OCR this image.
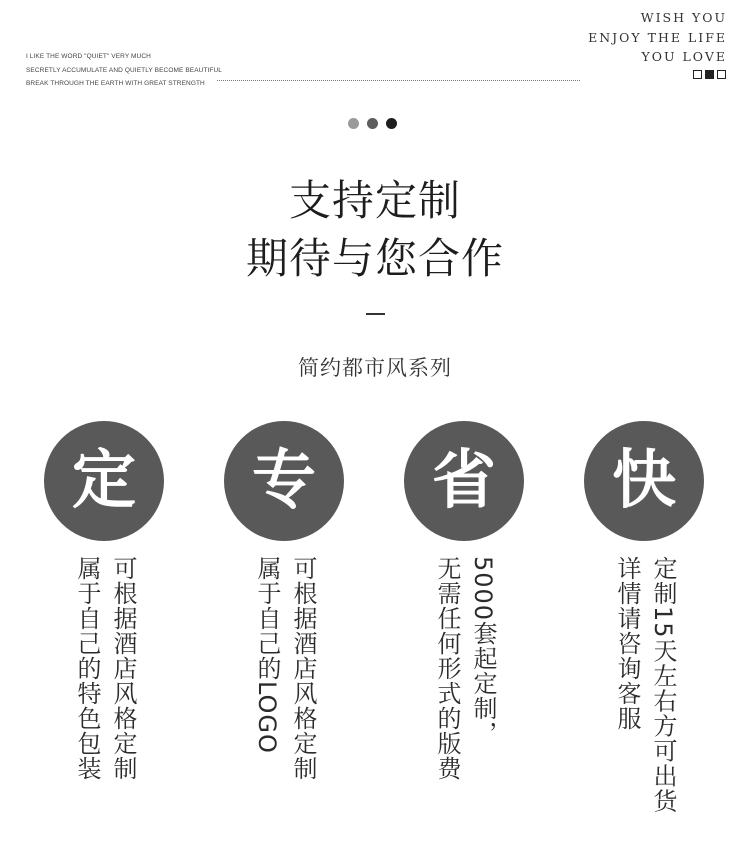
I LIKE THE WORD "QUIET" VERY MUCH
SECRETLY ACCUMULATE AND QUIETLY BECOME BEAUTIFUL
BREAK THROUGH THE EARTH WITH GREAT STRENGTH
WISH YOU
ENJOY THE LIFE
YOU LOVE
支持定制
期待与您合作
简约都市风系列
定
可根据酒店风格定制
属于自己的特色包装
专
可根据酒店风格定制
属于自己的LOGO
省
5000套起定制，
无需任何形式的版费
快
定制15天左右方可出货
详情请咨询客服
